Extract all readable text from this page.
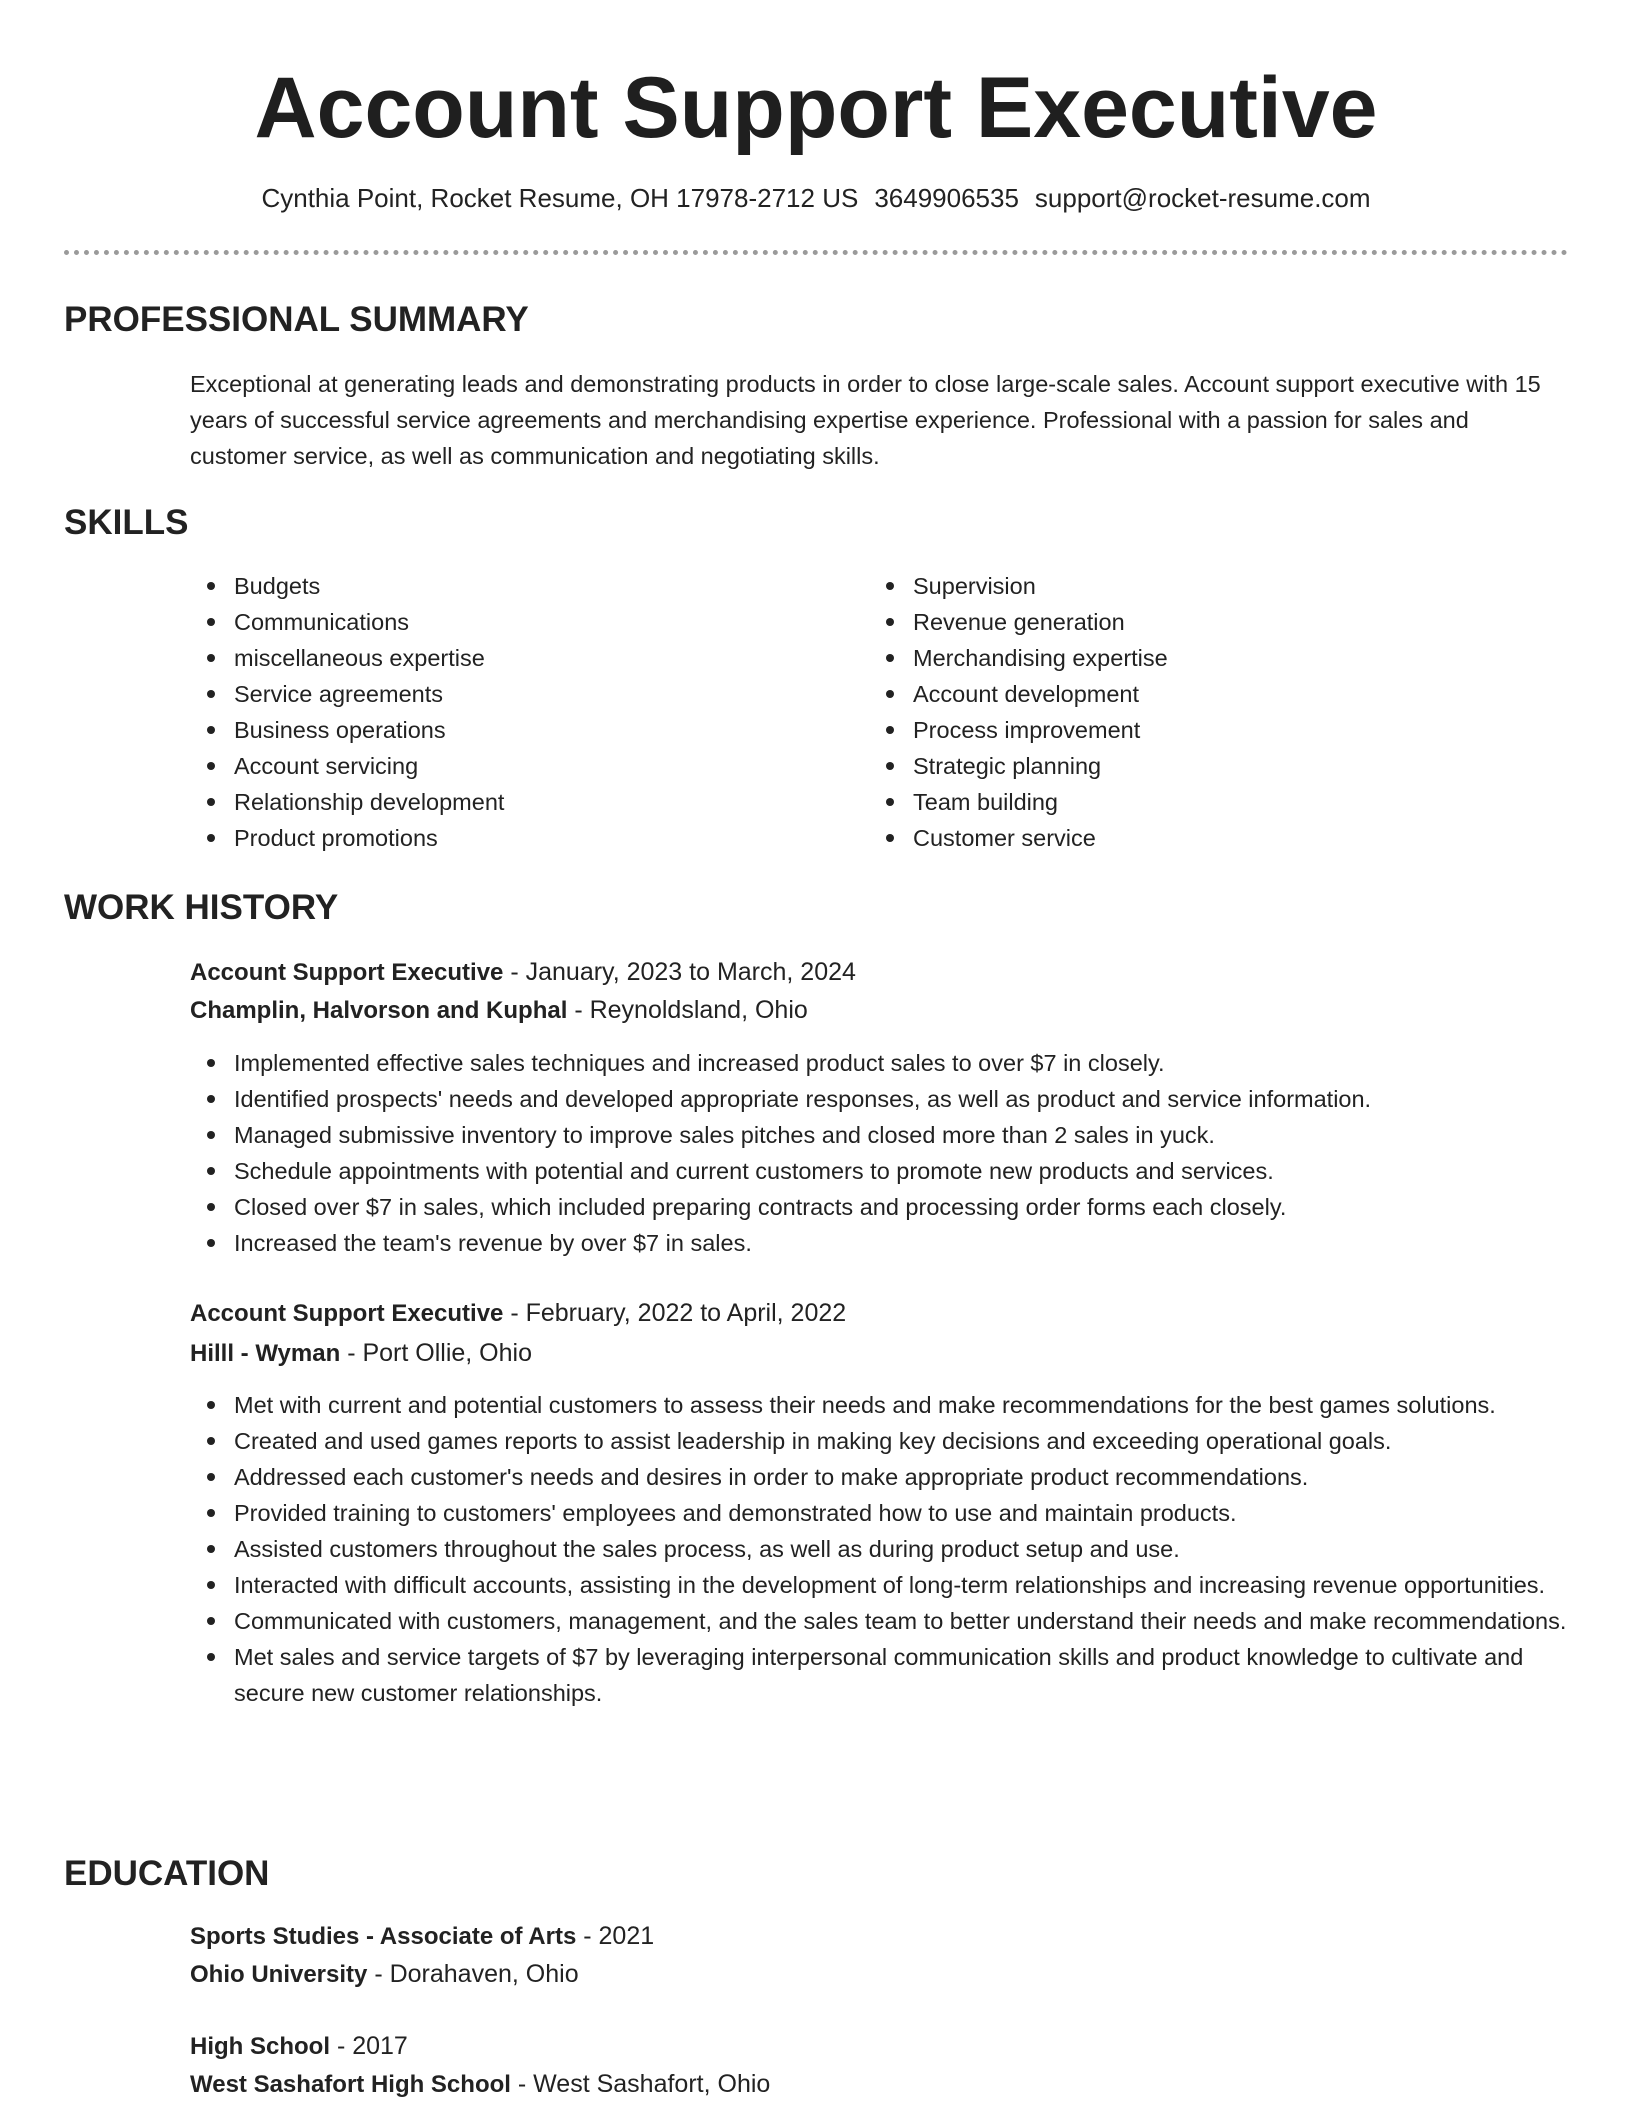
Account Support Executive
Cynthia Point, Rocket Resume, OH 17978-2712 US 3649906535 support@rocket-resume.com
PROFESSIONAL SUMMARY

Exceptional at generating leads and demonstrating products in order to close large-scale sales. Account support executive with 15 years of successful service agreements and merchandising expertise experience. Professional with a passion for sales and customer service, as well as communication and negotiating skills.

SKILLS
Budgets
Communications
miscellaneous expertise
Service agreements
Business operations
Account servicing
Relationship development
Product promotions
Supervision
Revenue generation
Merchandising expertise
Account development
Process improvement
Strategic planning
Team building
Customer service
WORK HISTORY

Account Support Executive - January, 2023 to March, 2024

Champlin, Halvorson and Kuphal - Reynoldsland, Ohio

Implemented effective sales techniques and increased product sales to over $7 in closely.
Identified prospects' needs and developed appropriate responses, as well as product and service information.
Managed submissive inventory to improve sales pitches and closed more than 2 sales in yuck.
Schedule appointments with potential and current customers to promote new products and services.
Closed over $7 in sales, which included preparing contracts and processing order forms each closely.
Increased the team's revenue by over $7 in sales.

Account Support Executive - February, 2022 to April, 2022

Hilll - Wyman - Port Ollie, Ohio

Met with current and potential customers to assess their needs and make recommendations for the best games solutions.
Created and used games reports to assist leadership in making key decisions and exceeding operational goals.
Addressed each customer's needs and desires in order to make appropriate product recommendations.
Provided training to customers' employees and demonstrated how to use and maintain products.
Assisted customers throughout the sales process, as well as during product setup and use.
Interacted with difficult accounts, assisting in the development of long-term relationships and increasing revenue opportunities.
Communicated with customers, management, and the sales team to better understand their needs and make recommendations.
Met sales and service targets of $7 by leveraging interpersonal communication skills and product knowledge to cultivate and secure new customer relationships.
EDUCATION

Sports Studies - Associate of Arts - 2021

Ohio University - Dorahaven, Ohio

High School - 2017

West Sashafort High School - West Sashafort, Ohio
